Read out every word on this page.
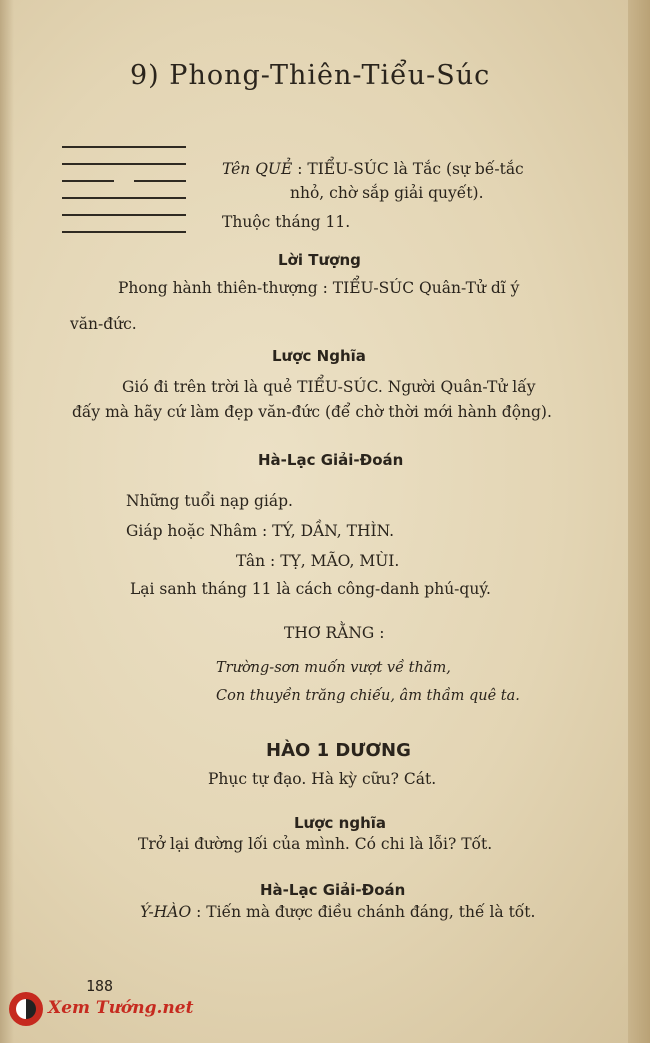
9) Phong-Thiên-Tiểu-Súc
Tên QUẺ : TIỂU-SÚC là Tắc (sự bế-tắc
nhỏ, chờ sắp giải quyết).
Thuộc tháng 11.
Lời Tượng
Phong hành thiên-thượng : TIỂU-SÚC Quân-Tử dĩ ý
văn-đức.
Lược Nghĩa
Gió đi trên trời là quẻ TIỂU-SÚC. Người Quân-Tử lấy
đấy mà hãy cứ làm đẹp văn-đức (để chờ thời mới hành động).
Hà-Lạc Giải-Đoán
Những tuổi nạp giáp.
Giáp hoặc Nhâm : TÝ, DẦN, THÌN.
Tân : TỴ, MÃO, MÙI.
Lại sanh tháng 11 là cách công-danh phú-quý.
THƠ RẰNG :
Trường-sơn muốn vượt về thăm,
Con thuyền trăng chiếu, âm thầm quê ta.
HÀO 1 DƯƠNG
Phục tự đạo. Hà kỳ cữu? Cát.
Lược nghĩa
Trở lại đường lối của mình. Có chi là lỗi? Tốt.
Hà-Lạc Giải-Đoán
Ý-HÀO : Tiến mà được điều chánh đáng, thế là tốt.
188
Xem Tướng.net
